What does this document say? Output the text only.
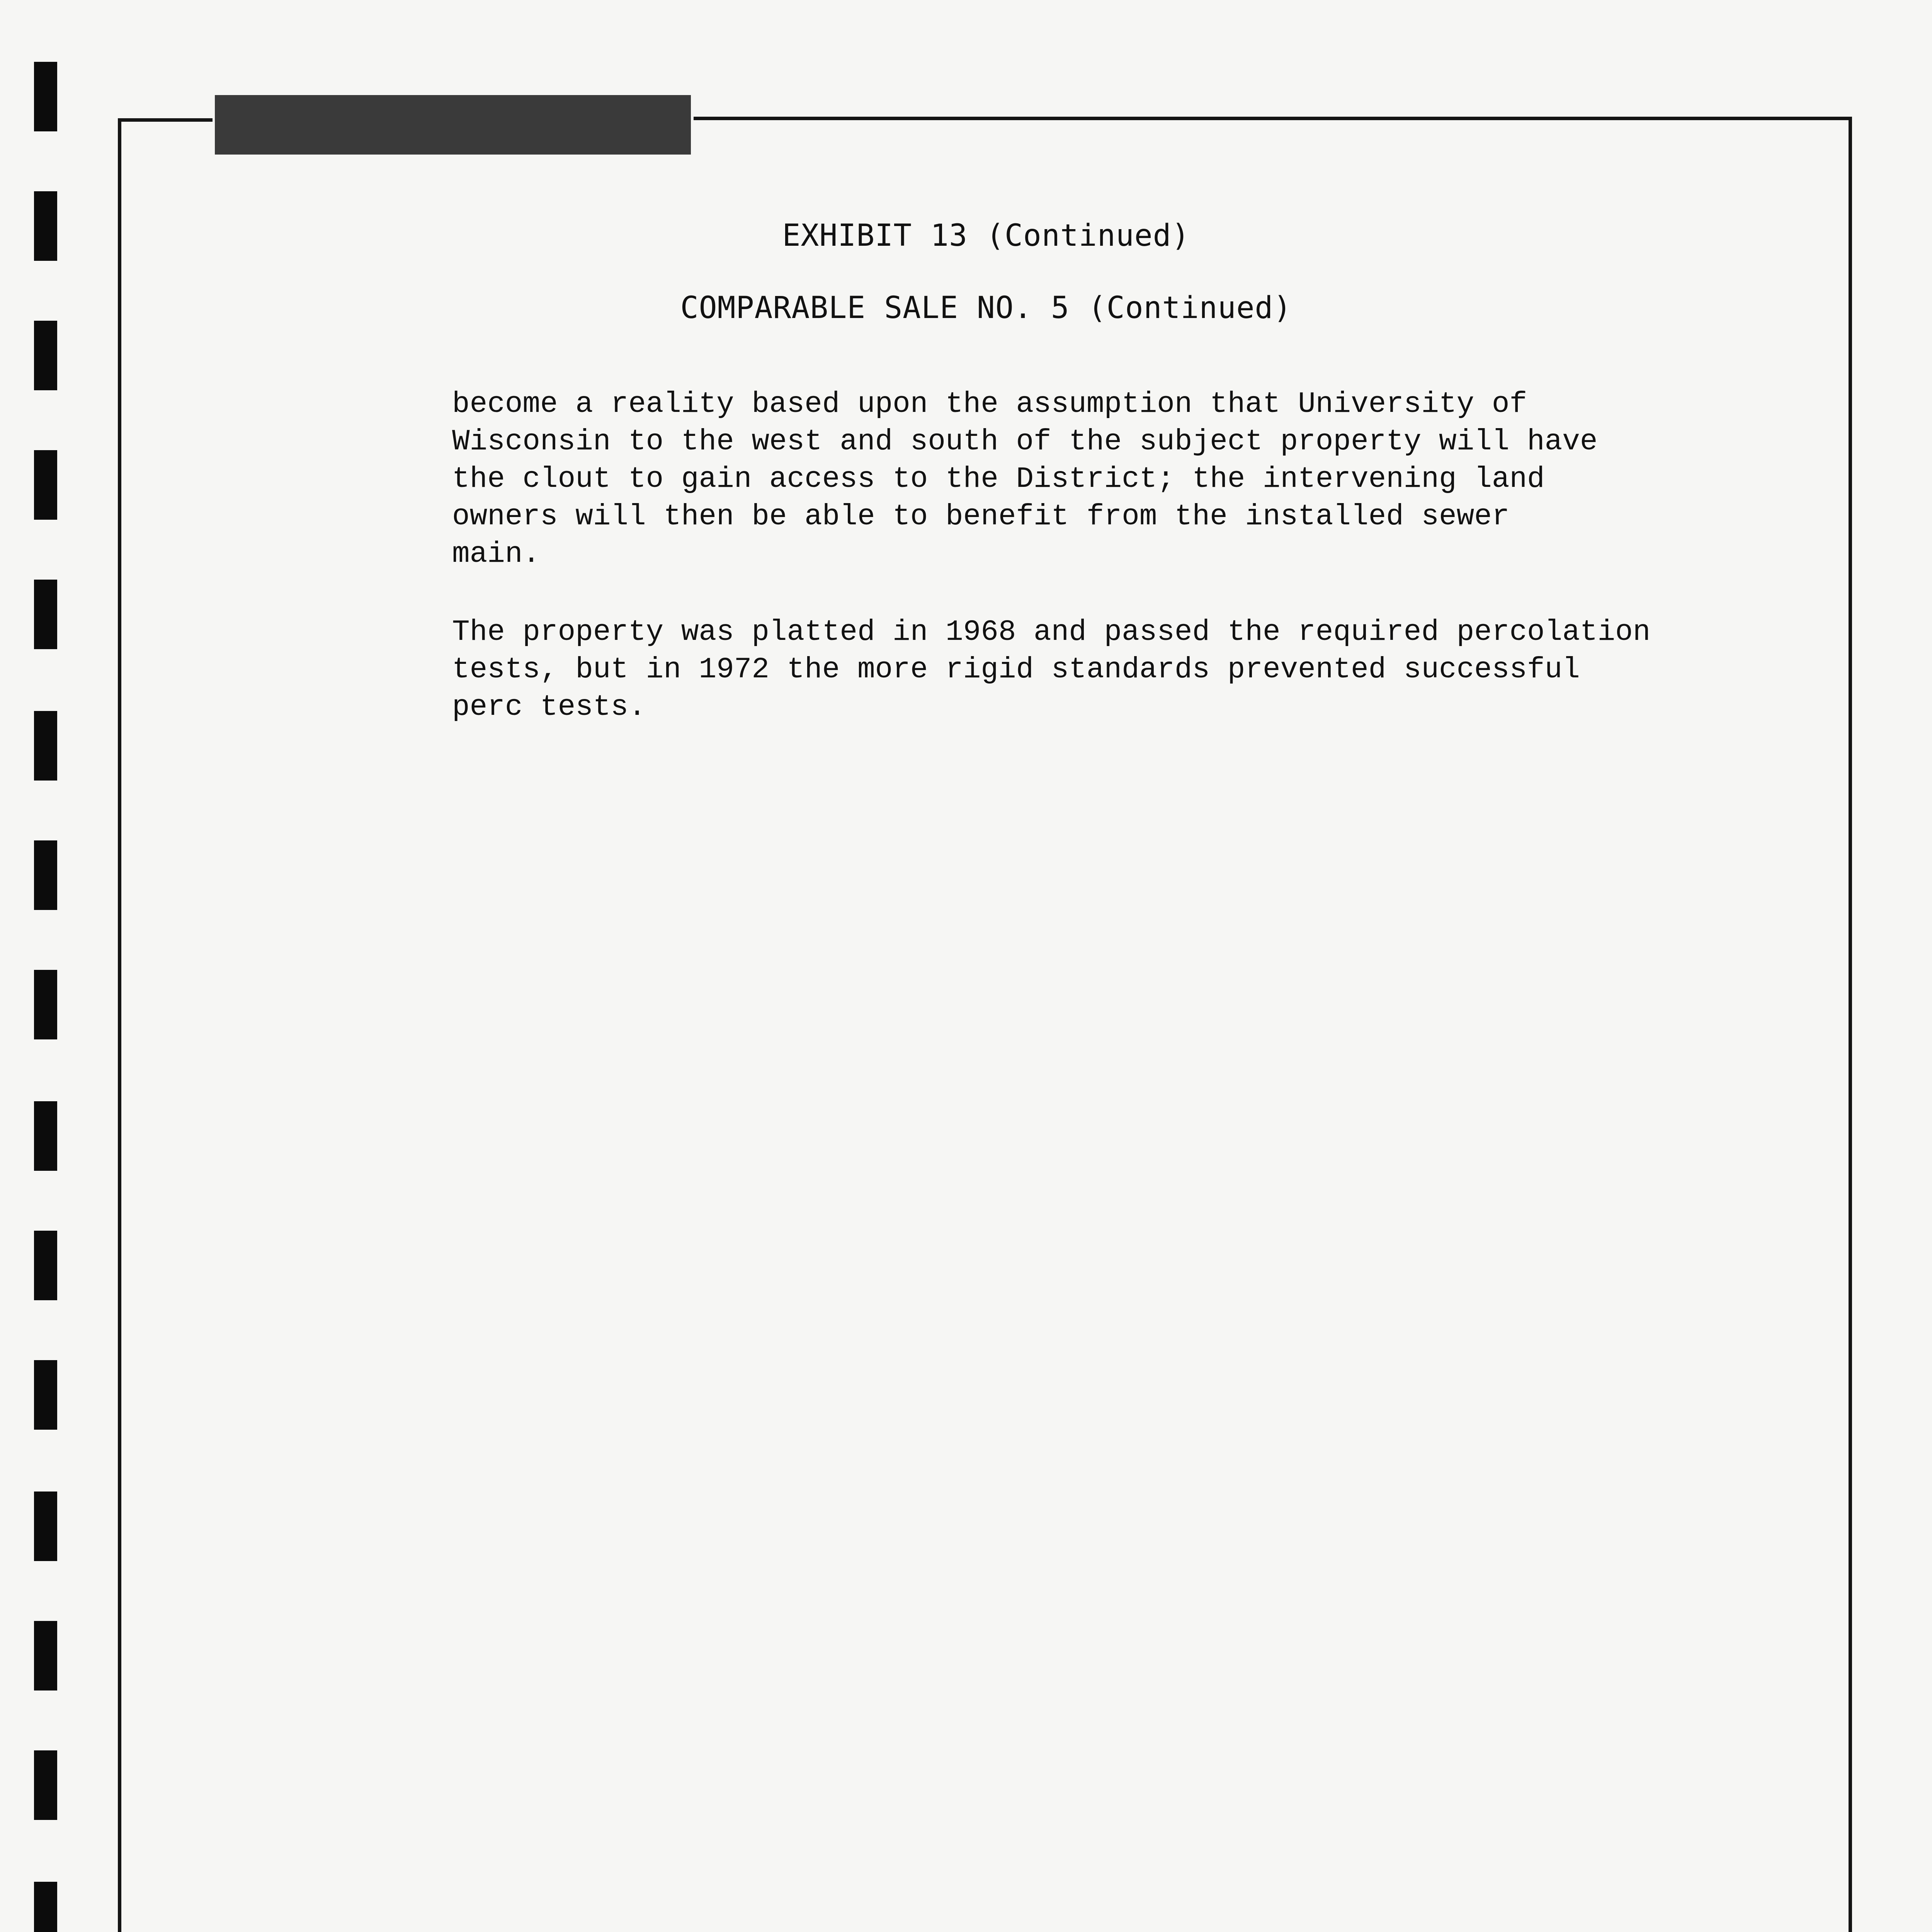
EXHIBIT 13 (Continued)
COMPARABLE SALE NO. 5 (Continued)
become a reality based upon the assumption that University of
Wisconsin to the west and south of the subject property will have
the clout to gain access to the District; the intervening land
owners will then be able to benefit from the installed sewer
main.
The property was platted in 1968 and passed the required percolation
tests, but in 1972 the more rigid standards prevented successful
perc tests.
